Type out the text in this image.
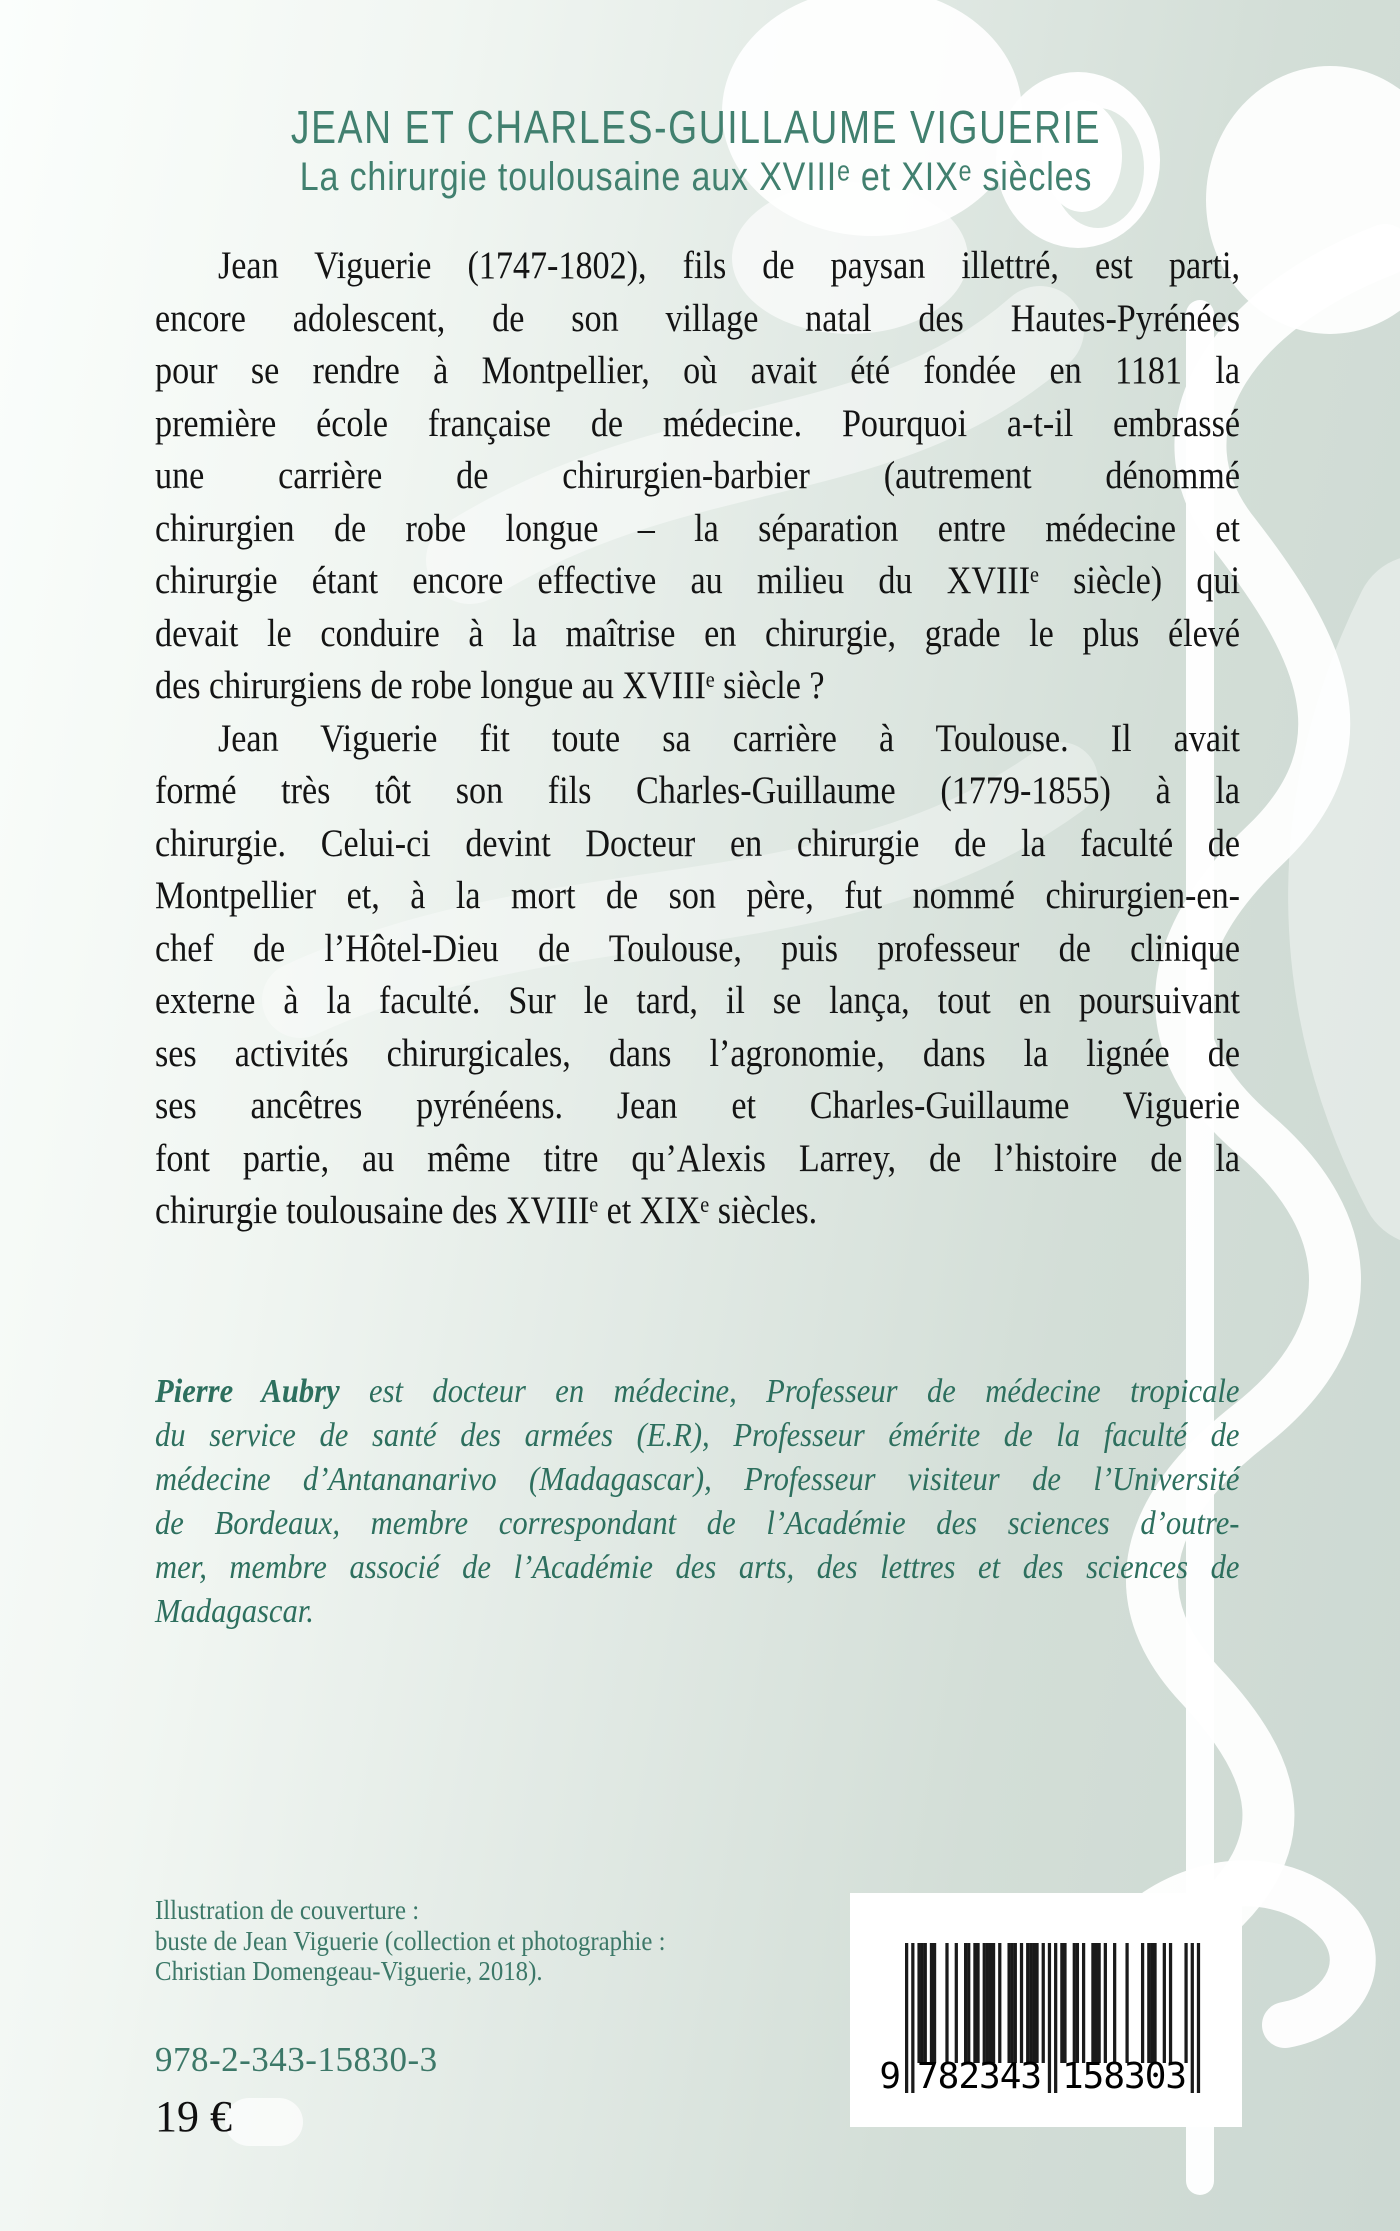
JEAN ET CHARLES-GUILLAUME VIGUERIE
La chirurgie toulousaine aux XVIIIᵉ et XIXᵉ siècles
Jean Viguerie (1747-1802), fils de paysan illettré, est parti,
encore adolescent, de son village natal des Hautes-Pyrénées
pour se rendre à Montpellier, où avait été fondée en 1181 la
première école française de médecine. Pourquoi a-t-il embrassé
une carrière de chirurgien-barbier (autrement dénommé
chirurgien de robe longue – la séparation entre médecine et
chirurgie étant encore effective au milieu du XVIIIᵉ siècle) qui
devait le conduire à la maîtrise en chirurgie, grade le plus élevé
des chirurgiens de robe longue au XVIIIᵉ siècle ?
Jean Viguerie fit toute sa carrière à Toulouse. Il avait
formé très tôt son fils Charles-Guillaume (1779-1855) à la
chirurgie. Celui-ci devint Docteur en chirurgie de la faculté de
Montpellier et, à la mort de son père, fut nommé chirurgien-en-
chef de l’Hôtel-Dieu de Toulouse, puis professeur de clinique
externe à la faculté. Sur le tard, il se lança, tout en poursuivant
ses activités chirurgicales, dans l’agronomie, dans la lignée de
ses ancêtres pyrénéens. Jean et Charles-Guillaume Viguerie
font partie, au même titre qu’Alexis Larrey, de l’histoire de la
chirurgie toulousaine des XVIIIᵉ et XIXᵉ siècles.
Pierre Aubry est docteur en médecine, Professeur de médecine tropicale
du service de santé des armées (E.R), Professeur émérite de la faculté de
médecine d’Antananarivo (Madagascar), Professeur visiteur de l’Université
de Bordeaux, membre correspondant de l’Académie des sciences d’outre-
mer, membre associé de l’Académie des arts, des lettres et des sciences de
Madagascar.
Illustration de couverture :
buste de Jean Viguerie (collection et photographie :
Christian Domengeau-Viguerie, 2018).
978-2-343-15830-3
19 €
9 782343 158303
